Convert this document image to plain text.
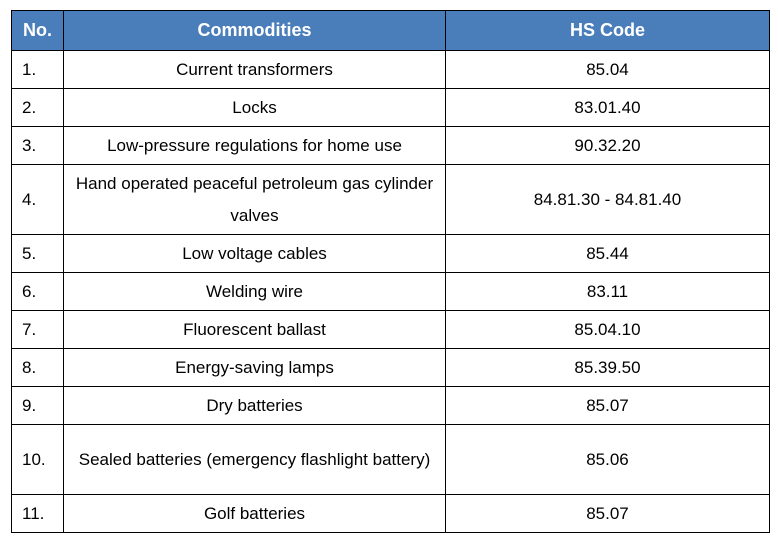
No.	Commodities	HS Code
1.	Current transformers	85.04
2.	Locks	83.01.40
3.	Low-pressure regulations for home use	90.32.20
4.	Hand operated peaceful petroleum gas cylinder valves	84.81.30 - 84.81.40
5.	Low voltage cables	85.44
6.	Welding wire	83.11
7.	Fluorescent ballast	85.04.10
8.	Energy-saving lamps	85.39.50
9.	Dry batteries	85.07
10.	Sealed batteries (emergency flashlight battery)	85.06
11.	Golf batteries	85.07
